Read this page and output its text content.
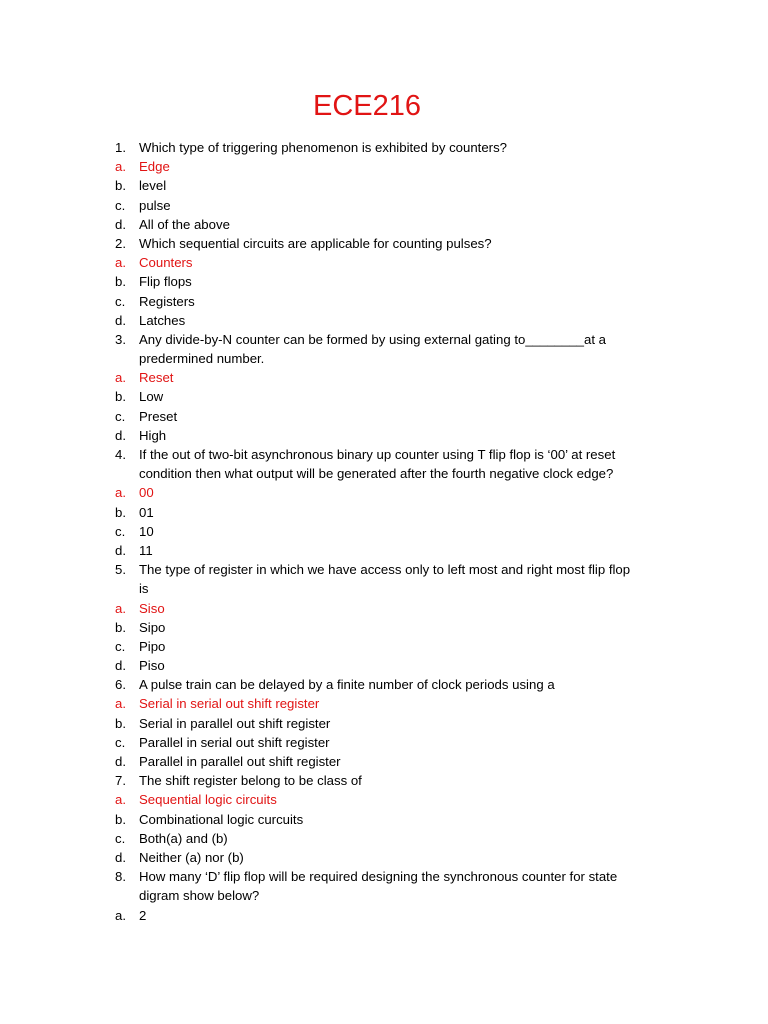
ECE216
1. Which type of triggering phenomenon is exhibited by counters?
a. Edge
b. level
c. pulse
d. All of the above
2. Which sequential circuits are applicable for counting pulses?
a. Counters
b. Flip flops
c. Registers
d. Latches
3. Any divide-by-N counter can be formed by using external gating to________at a
predermined number.
a. Reset
b. Low
c. Preset
d. High
4. If the out of two-bit asynchronous binary up counter using T flip flop is ‘00’ at reset
condition then what output will be generated after the fourth negative clock edge?
a. 00
b. 01
c. 10
d. 11
5. The type of register in which we have access only to left most and right most flip flop
is
a. Siso
b. Sipo
c. Pipo
d. Piso
6. A pulse train can be delayed by a finite number of clock periods using a
a. Serial in serial out shift register
b. Serial in parallel out shift register
c. Parallel in serial out shift register
d. Parallel in parallel out shift register
7. The shift register belong to be class of
a. Sequential logic circuits
b. Combinational logic curcuits
c. Both(a) and (b)
d. Neither (a) nor (b)
8. How many ‘D’ flip flop will be required designing the synchronous counter for state
digram show below?
a. 2
